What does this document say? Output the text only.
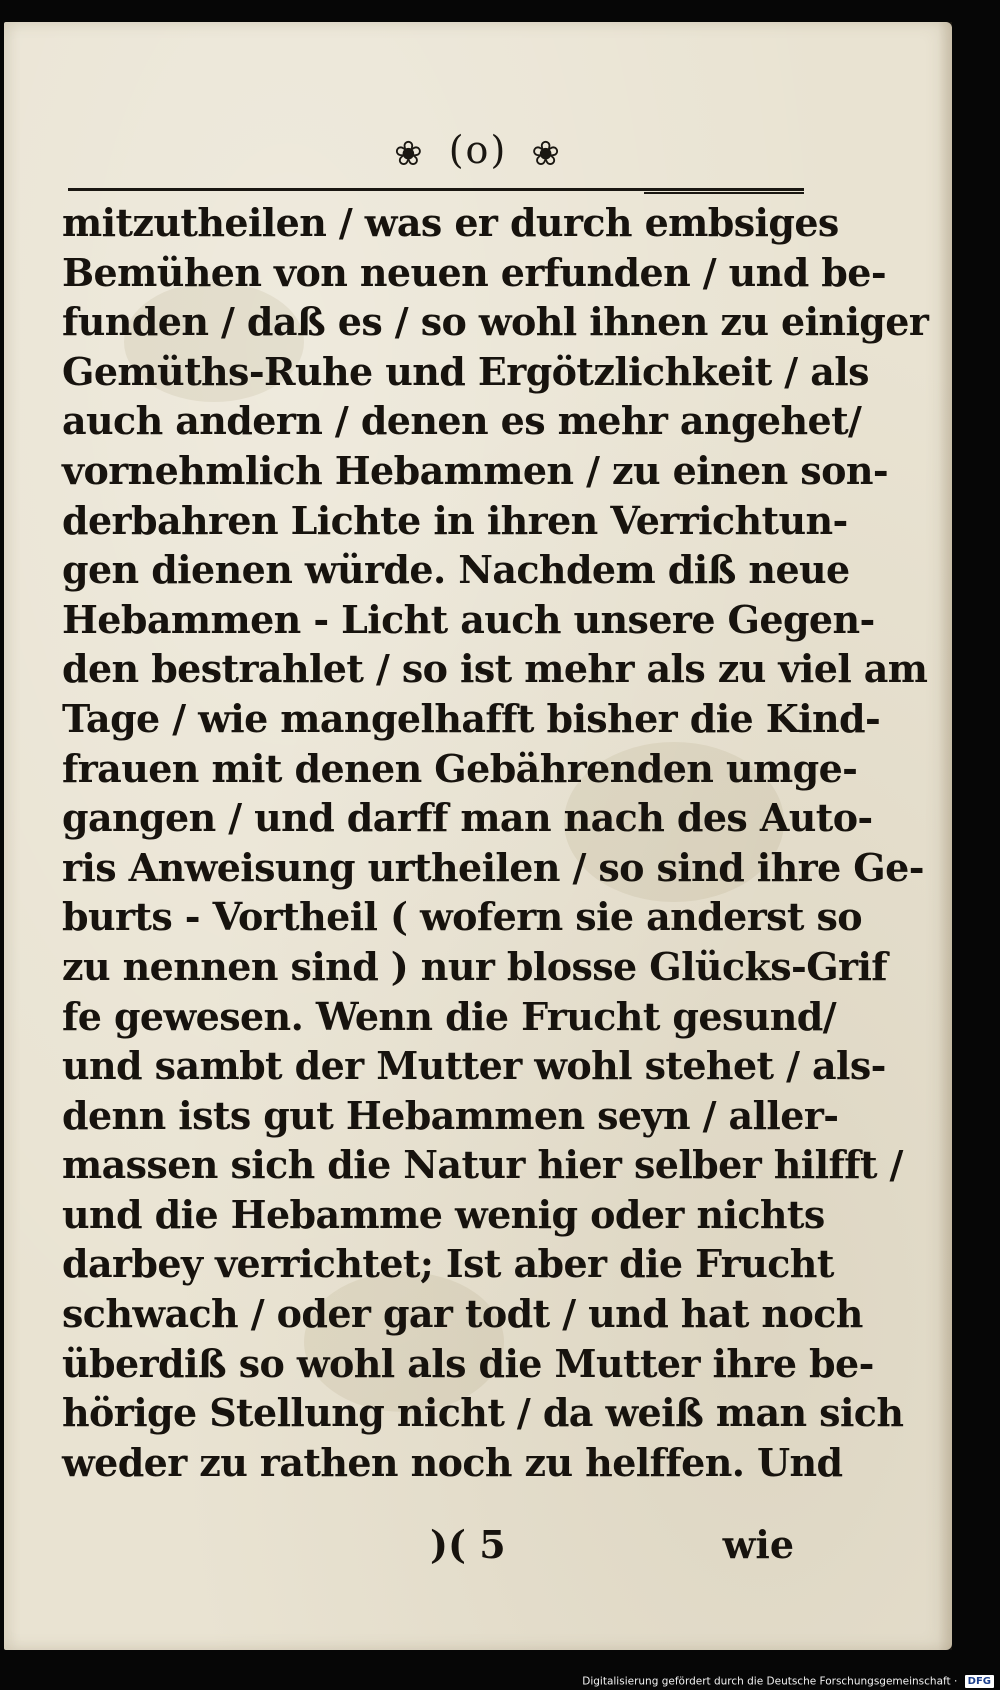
❀ (o) ❀
mitzutheilen / was er durch embsiges
Bemühen von neuen erfunden / und be-
funden / daß es / so wohl ihnen zu einiger
Gemüths-Ruhe und Ergötzlichkeit / als
auch andern / denen es mehr angehet/
vornehmlich Hebammen / zu einen son-
derbahren Lichte in ihren Verrichtun-
gen dienen würde. Nachdem diß neue
Hebammen - Licht auch unsere Gegen-
den bestrahlet / so ist mehr als zu viel am
Tage / wie mangelhafft bisher die Kind-
frauen mit denen Gebährenden umge-
gangen / und darff man nach des Auto-
ris Anweisung urtheilen / so sind ihre Ge-
burts - Vortheil ( wofern sie anderst so
zu nennen sind ) nur blosse Glücks-Grif
fe gewesen. Wenn die Frucht gesund/
und sambt der Mutter wohl stehet / als-
denn ists gut Hebammen seyn / aller-
massen sich die Natur hier selber hilfft /
und die Hebamme wenig oder nichts
darbey verrichtet; Ist aber die Frucht
schwach / oder gar todt / und hat noch
überdiß so wohl als die Mutter ihre be-
hörige Stellung nicht / da weiß man sich
weder zu rathen noch zu helffen. Und
)( 5	wie
Digitalisierung gefördert durch die Deutsche Forschungsgemeinschaft · DFG
